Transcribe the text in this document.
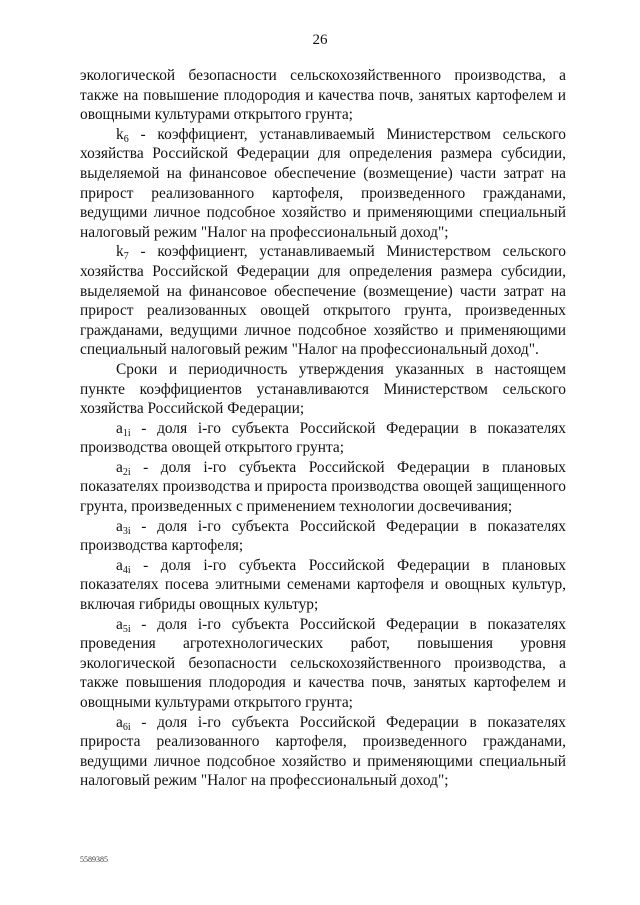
26

экологической безопасности сельскохозяйственного производства, а также на повышение плодородия и качества почв, занятых картофелем и овощными культурами открытого грунта;

$k_6$ - коэффициент, устанавливаемый Министерством сельского хозяйства Российской Федерации для определения размера субсидии, выделяемой на финансовое обеспечение (возмещение) части затрат на прирост реализованного картофеля, произведенного гражданами, ведущими личное подсобное хозяйство и применяющими специальный налоговый режим "Налог на профессиональный доход";

$k_7$ - коэффициент, устанавливаемый Министерством сельского хозяйства Российской Федерации для определения размера субсидии, выделяемой на финансовое обеспечение (возмещение) части затрат на прирост реализованных овощей открытого грунта, произведенных гражданами, ведущими личное подсобное хозяйство и применяющими специальный налоговый режим "Налог на профессиональный доход".

Сроки и периодичность утверждения указанных в настоящем пункте коэффициентов устанавливаются Министерством сельского хозяйства Российской Федерации;

$a_{1i}$ - доля i-го субъекта Российской Федерации в показателях производства овощей открытого грунта;

$a_{2i}$ - доля i-го субъекта Российской Федерации в плановых показателях производства и прироста производства овощей защищенного грунта, произведенных с применением технологии досвечивания;

$a_{3i}$ - доля i-го субъекта Российской Федерации в показателях производства картофеля;

$a_{4i}$ - доля i-го субъекта Российской Федерации в плановых показателях посева элитными семенами картофеля и овощных культур, включая гибриды овощных культур;

$a_{5i}$ - доля i-го субъекта Российской Федерации в показателях проведения агротехнологических работ, повышения уровня экологической безопасности сельскохозяйственного производства, а также повышения плодородия и качества почв, занятых картофелем и овощными культурами открытого грунта;

$a_{6i}$ - доля i-го субъекта Российской Федерации в показателях прироста реализованного картофеля, произведенного гражданами, ведущими личное подсобное хозяйство и применяющими специальный налоговый режим "Налог на профессиональный доход";

5589385
